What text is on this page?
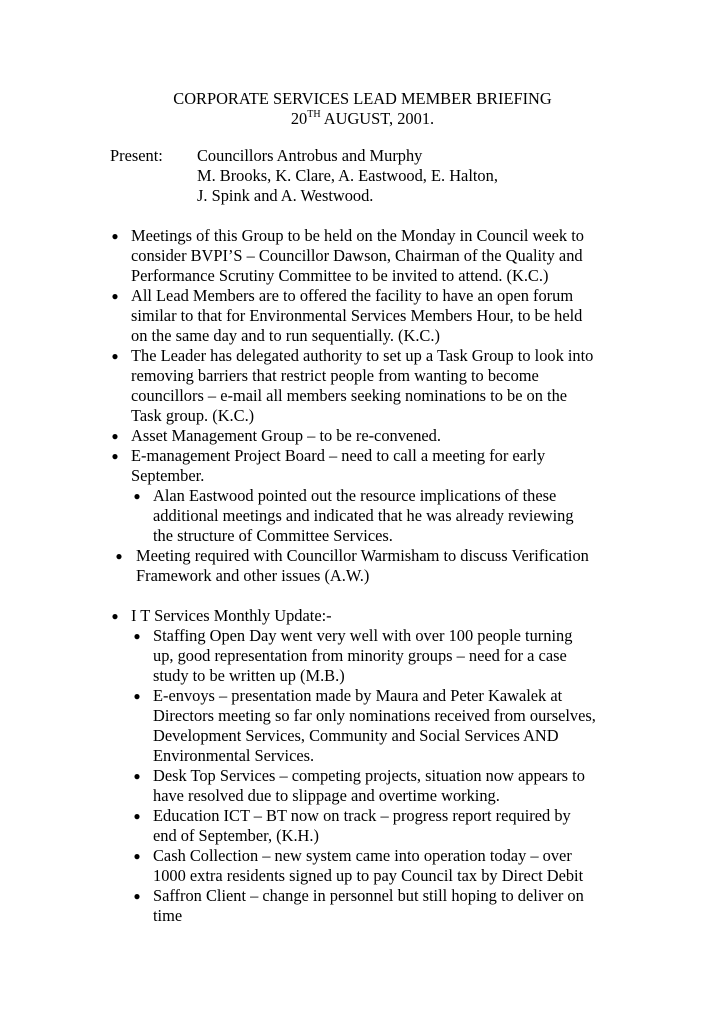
CORPORATE SERVICES LEAD MEMBER BRIEFING
20TH AUGUST, 2001.
Present:	Councillors Antrobus and Murphy
M. Brooks, K. Clare, A. Eastwood, E. Halton,
J. Spink and A. Westwood.
● Meetings of this Group to be held on the Monday in Council week to
consider BVPI’S – Councillor Dawson, Chairman of the Quality and
Performance Scrutiny Committee to be invited to attend. (K.C.)
● All Lead Members are to offered the facility to have an open forum
similar to that for Environmental Services Members Hour, to be held
on the same day and to run sequentially. (K.C.)
● The Leader has delegated authority to set up a Task Group to look into
removing barriers that restrict people from wanting to become
councillors – e-mail all members seeking nominations to be on the
Task group. (K.C.)
● Asset Management Group – to be re-convened.
● E-management Project Board – need to call a meeting for early
September.
● Alan Eastwood pointed out the resource implications of these
additional meetings and indicated that he was already reviewing
the structure of Committee Services.
● Meeting required with Councillor Warmisham to discuss Verification
Framework and other issues (A.W.)
● I T Services Monthly Update:-
● Staffing Open Day went very well with over 100 people turning
up, good representation from minority groups – need for a case
study to be written up (M.B.)
● E-envoys – presentation made by Maura and Peter Kawalek at
Directors meeting so far only nominations received from ourselves,
Development Services, Community and Social Services AND
Environmental Services.
● Desk Top Services – competing projects, situation now appears to
have resolved due to slippage and overtime working.
● Education ICT – BT now on track – progress report required by
end of September, (K.H.)
● Cash Collection – new system came into operation today – over
1000 extra residents signed up to pay Council tax by Direct Debit
● Saffron Client – change in personnel but still hoping to deliver on
time
